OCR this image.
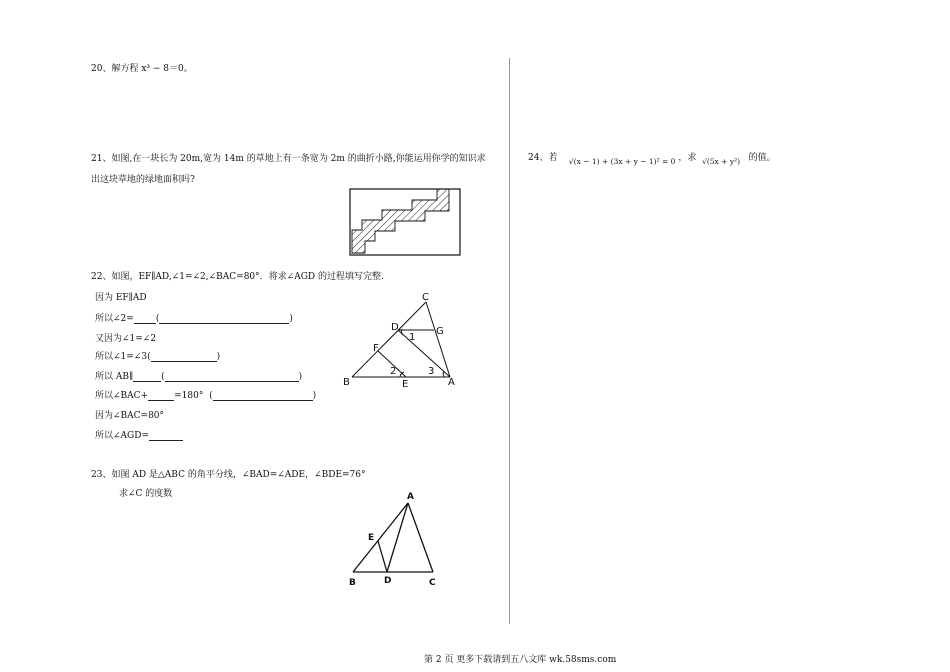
20、解方程 x³ − 8＝0。
21、如图,在一块长为 20m,宽为 14m 的草地上有一条宽为 2m 的曲折小路,你能运用你学的知识求
出这块草地的绿地面积吗?
22、如图，EF∥AD,∠1=∠2,∠BAC=80°．将求∠AGD 的过程填写完整.
因为 EF∥AD
所以∠2= (	)
又因为∠1=∠2
所以∠1=∠3(	)
所以 AB∥	(	)
所以∠BAC+	=180° (	)
因为∠BAC=80°
所以∠AGD=
C
D	G
F
B	E	A
1
2	3
23、如图 AD 是△ABC 的角平分线，∠BAD=∠ADE，∠BDE=76°
求∠C 的度数	A
E
B	D	C
24、若 $_{√(x - 1) + (3x + y - 1)^2 = 0}$ ，求 $_{√(5x + y^2)}$ 的值。
第 2 页 更多下载请到五八文库 wk.58sms.com
